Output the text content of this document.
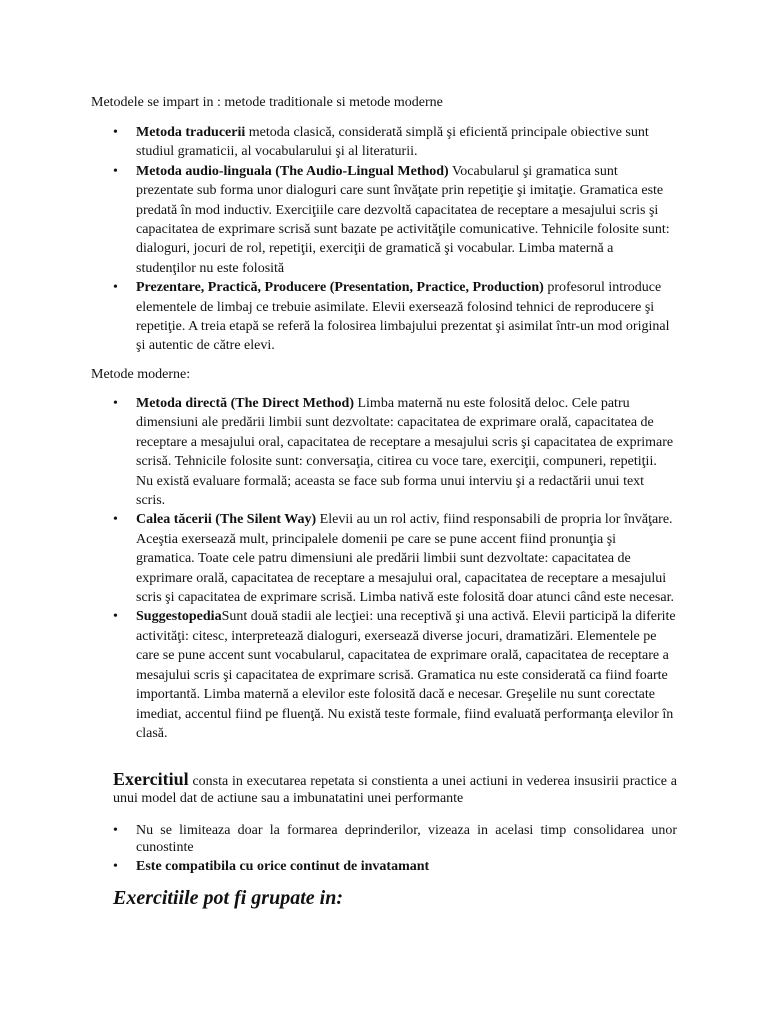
Metodele se impart in : metode traditionale si metode moderne

• Metoda traducerii metoda clasică, considerată simplă şi eficientă principale obiective sunt studiul gramaticii, al vocabularului şi al literaturii.
• Metoda audio-linguala (The Audio-Lingual Method) Vocabularul şi gramatica sunt prezentate sub forma unor dialoguri care sunt învăţate prin repetiţie şi imitaţie. Gramatica este predată în mod inductiv. Exerciţiile care dezvoltă capacitatea de receptare a mesajului scris şi capacitatea de exprimare scrisă sunt bazate pe activităţile comunicative. Tehnicile folosite sunt: dialoguri, jocuri de rol, repetiţii, exerciţii de gramatică şi vocabular. Limba maternă a studenţilor nu este folosită
• Prezentare, Practică, Producere (Presentation, Practice, Production) profesorul introduce elementele de limbaj ce trebuie asimilate. Elevii exersează folosind tehnici de reproducere şi repetiţie. A treia etapă se referă la folosirea limbajului prezentat şi asimilat într-un mod original şi autentic de către elevi.

Metode moderne:

• Metoda directă (The Direct Method) Limba maternă nu este folosită deloc. Cele patru dimensiuni ale predării limbii sunt dezvoltate: capacitatea de exprimare orală, capacitatea de receptare a mesajului oral, capacitatea de receptare a mesajului scris şi capacitatea de exprimare scrisă. Tehnicile folosite sunt: conversaţia, citirea cu voce tare, exerciţii, compuneri, repetiţii. Nu există evaluare formală; aceasta se face sub forma unui interviu şi a redactării unui text scris.
• Calea tăcerii (The Silent Way) Elevii au un rol activ, fiind responsabili de propria lor învăţare. Aceştia exersează mult, principalele domenii pe care se pune accent fiind pronunţia şi gramatica. Toate cele patru dimensiuni ale predării limbii sunt dezvoltate: capacitatea de exprimare orală, capacitatea de receptare a mesajului oral, capacitatea de receptare a mesajului scris şi capacitatea de exprimare scrisă. Limba nativă este folosită doar atunci când este necesar.
• SuggestopediaSunt două stadii ale lecţiei: una receptivă şi una activă. Elevii participă la diferite activităţi: citesc, interpretează dialoguri, exersează diverse jocuri, dramatizări. Elementele pe care se pune accent sunt vocabularul, capacitatea de exprimare orală, capacitatea de receptare a mesajului scris şi capacitatea de exprimare scrisă. Gramatica nu este considerată ca fiind foarte importantă. Limba maternă a elevilor este folosită dacă e necesar. Greşelile nu sunt corectate imediat, accentul fiind pe fluenţă. Nu există teste formale, fiind evaluată performanţa elevilor în clasă.

Exercitiul consta in executarea repetata si constienta a unei actiuni in vederea insusirii practice a unui model dat de actiune sau a imbunatatini unei performante

• Nu se limiteaza doar la formarea deprinderilor, vizeaza in acelasi timp consolidarea unor cunostinte
• Este compatibila cu orice continut de invatamant
Exercitiile pot fi grupate in:
